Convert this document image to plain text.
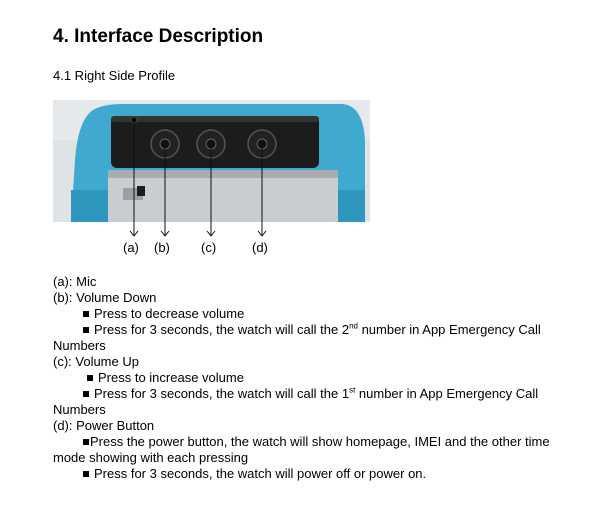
4. Interface Description
4.1 Right Side Profile
(a) (b) (c)	(d)
(a): Mic
(b): Volume Down
Press to decrease volume
Press for 3 seconds, the watch will call the 2nd number in App Emergency Call
Numbers
(c): Volume Up
Press to increase volume
Press for 3 seconds, the watch will call the 1st number in App Emergency Call
Numbers
(d): Power Button
Press the power button, the watch will show homepage, IMEI and the other time
mode showing with each pressing
Press for 3 seconds, the watch will power off or power on.
